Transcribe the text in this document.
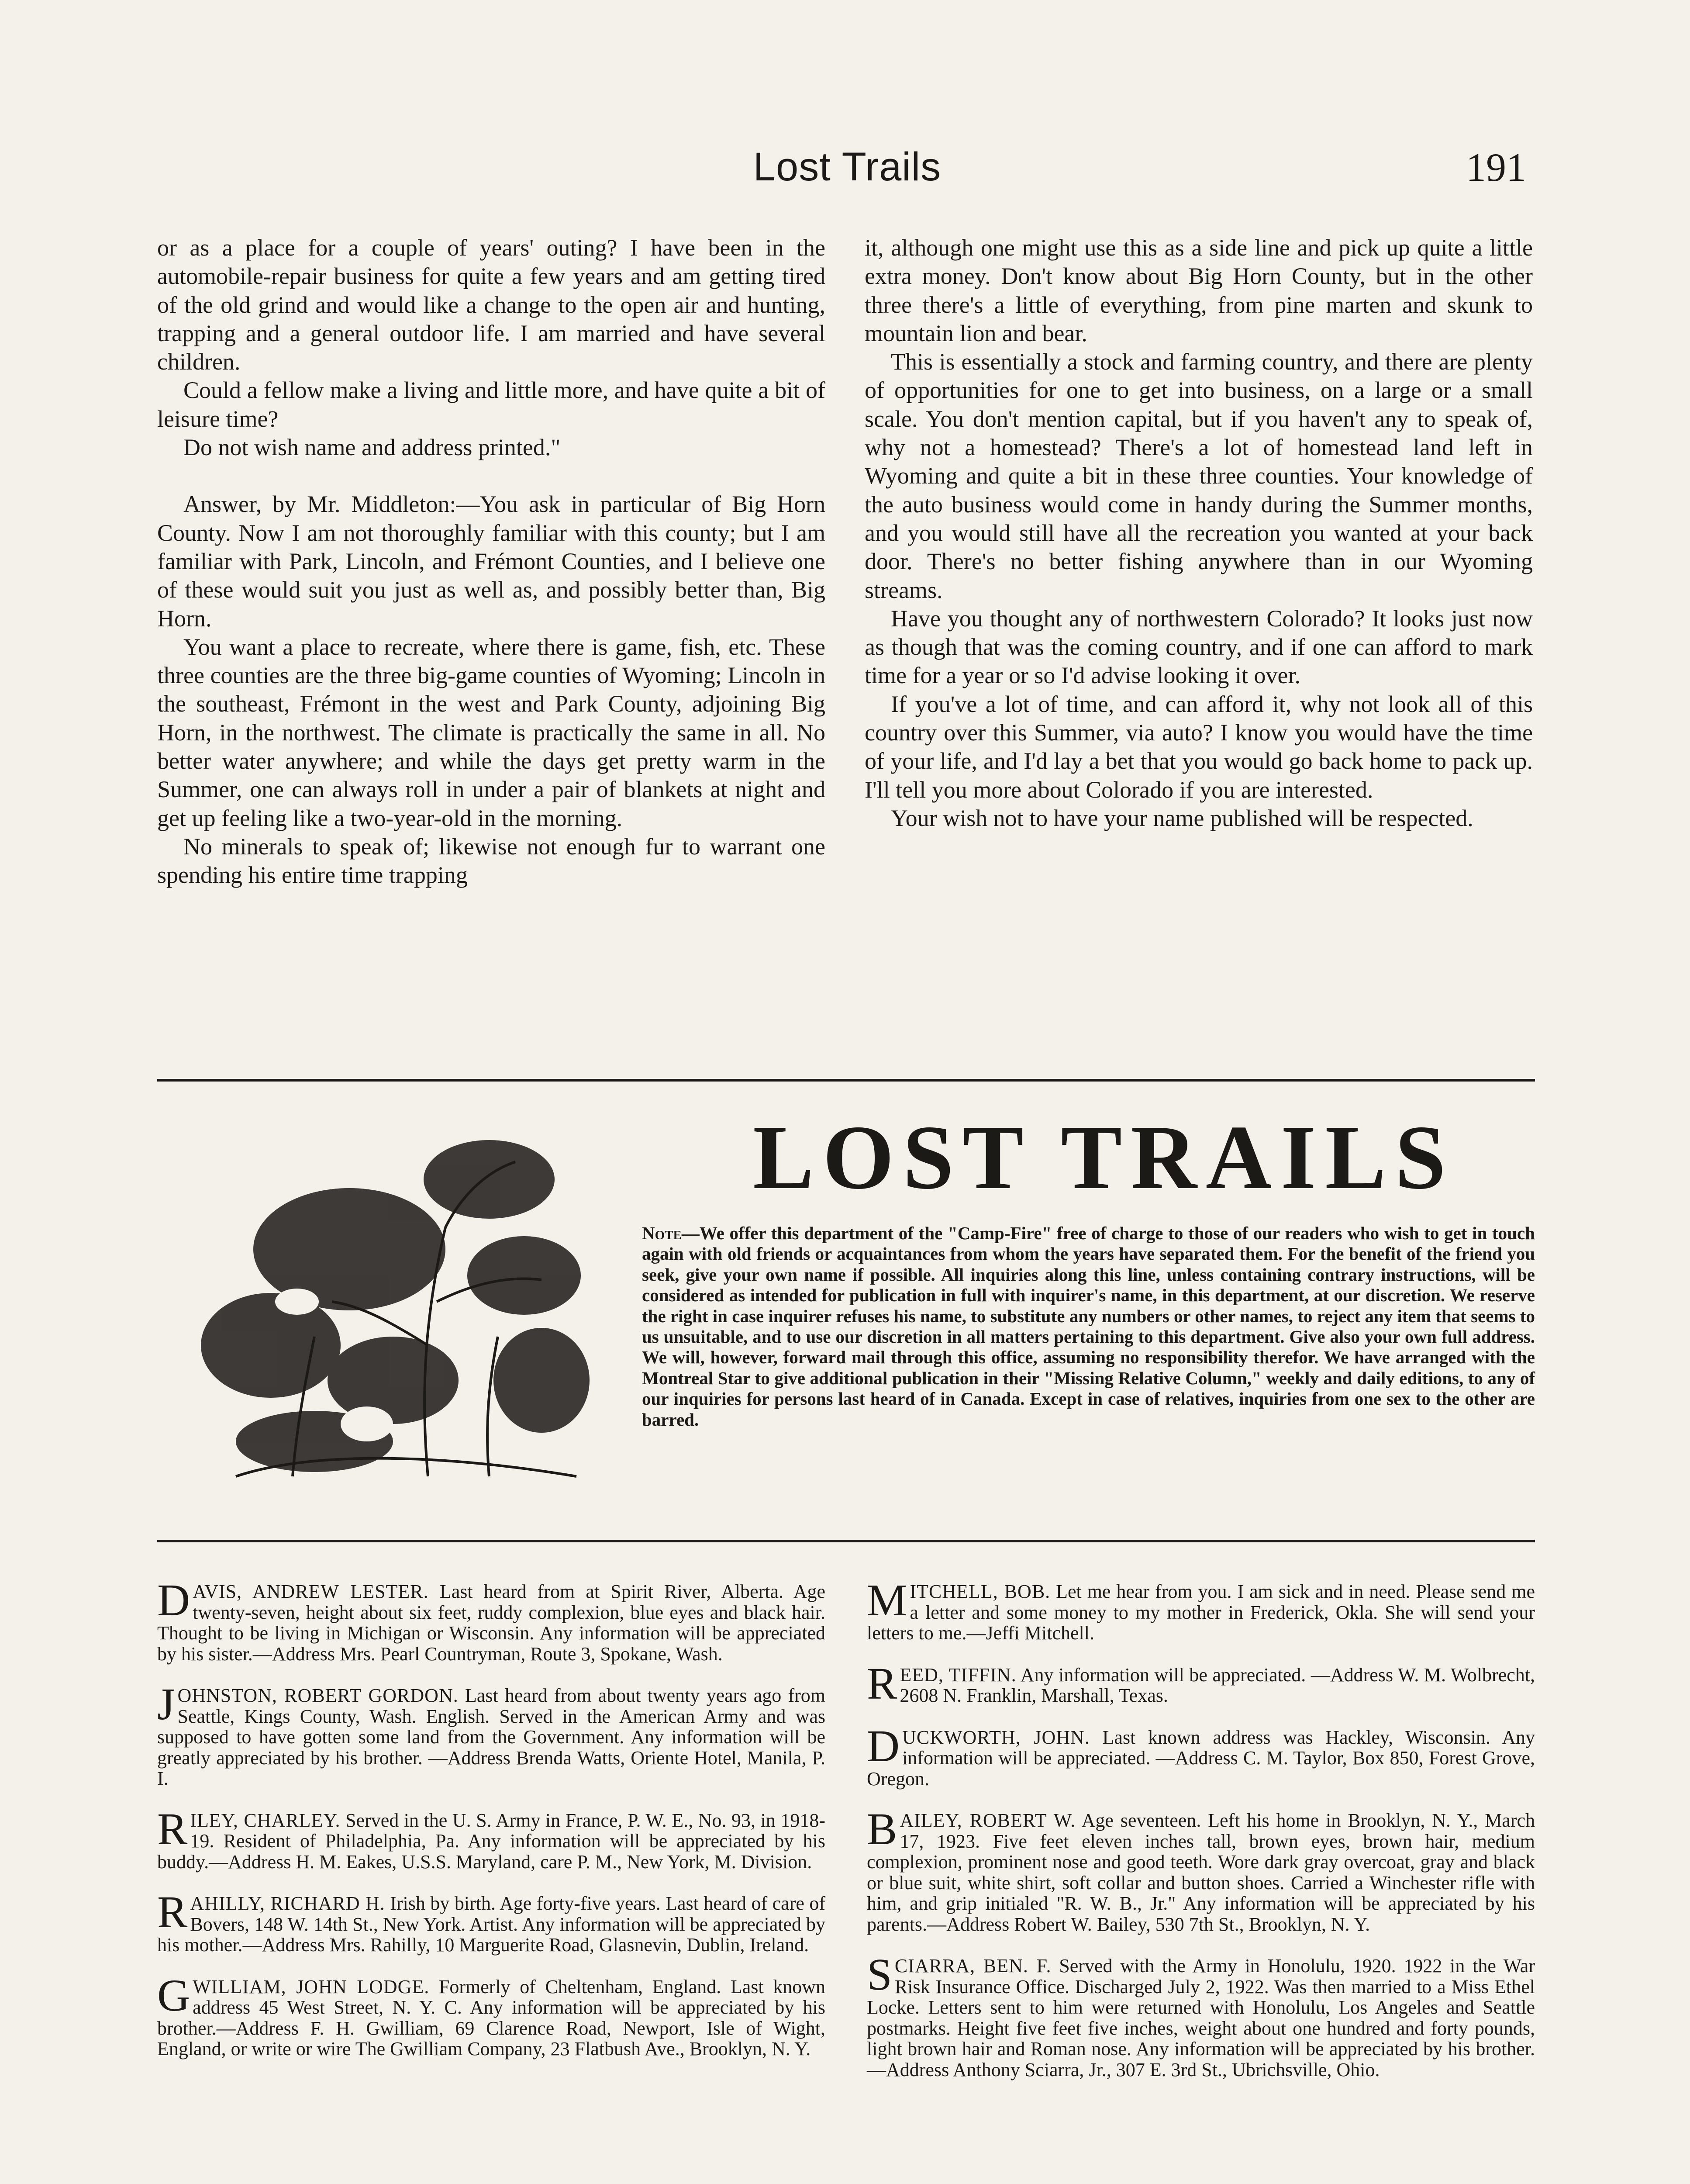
Lost Trails	191

or as a place for a couple of years' outing? I have been in the automobile-repair business for quite a few years and am getting tired of the old grind and would like a change to the open air and hunting, trapping and a general outdoor life. I am married and have several children.

Could a fellow make a living and little more, and have quite a bit of leisure time?

Do not wish name and address printed."

Answer, by Mr. Middleton:—You ask in particular of Big Horn County. Now I am not thoroughly familiar with this county; but I am familiar with Park, Lincoln, and Frémont Counties, and I believe one of these would suit you just as well as, and possibly better than, Big Horn.

You want a place to recreate, where there is game, fish, etc. These three counties are the three big-game counties of Wyoming; Lincoln in the southeast, Frémont in the west and Park County, adjoining Big Horn, in the northwest. The climate is practically the same in all. No better water anywhere; and while the days get pretty warm in the Summer, one can always roll in under a pair of blankets at night and get up feeling like a two-year-old in the morning.

No minerals to speak of; likewise not enough fur to warrant one spending his entire time trapping

it, although one might use this as a side line and pick up quite a little extra money. Don't know about Big Horn County, but in the other three there's a little of everything, from pine marten and skunk to mountain lion and bear.

This is essentially a stock and farming country, and there are plenty of opportunities for one to get into business, on a large or a small scale. You don't mention capital, but if you haven't any to speak of, why not a homestead? There's a lot of homestead land left in Wyoming and quite a bit in these three counties. Your knowledge of the auto business would come in handy during the Summer months, and you would still have all the recreation you wanted at your back door. There's no better fishing anywhere than in our Wyoming streams.

Have you thought any of northwestern Colorado? It looks just now as though that was the coming country, and if one can afford to mark time for a year or so I'd advise looking it over.

If you've a lot of time, and can afford it, why not look all of this country over this Summer, via auto? I know you would have the time of your life, and I'd lay a bet that you would go back home to pack up. I'll tell you more about Colorado if you are interested.

Your wish not to have your name published will be respected.

LOST TRAILS
Note—We offer this department of the "Camp-Fire" free of charge to those of our readers who wish to get in touch again with old friends or acquaintances from whom the years have separated them. For the benefit of the friend you seek, give your own name if possible. All inquiries along this line, unless containing contrary instructions, will be considered as intended for publication in full with inquirer's name, in this department, at our discretion. We reserve the right in case inquirer refuses his name, to substitute any numbers or other names, to reject any item that seems to us unsuitable, and to use our discretion in all matters pertaining to this department. Give also your own full address. We will, however, forward mail through this office, assuming no responsibility therefor. We have arranged with the Montreal Star to give additional publication in their "Missing Relative Column," weekly and daily editions, to any of our inquiries for persons last heard of in Canada. Except in case of relatives, inquiries from one sex to the other are barred.
DAVIS, ANDREW LESTER. Last heard from at Spirit River, Alberta. Age twenty-seven, height about six feet, ruddy complexion, blue eyes and black hair. Thought to be living in Michigan or Wisconsin. Any information will be appreciated by his sister.—Address Mrs. Pearl Countryman, Route 3, Spokane, Wash.
JOHNSTON, ROBERT GORDON. Last heard from about twenty years ago from Seattle, Kings County, Wash. English. Served in the American Army and was supposed to have gotten some land from the Government. Any information will be greatly appreciated by his brother. —Address Brenda Watts, Oriente Hotel, Manila, P. I.
RILEY, CHARLEY. Served in the U. S. Army in France, P. W. E., No. 93, in 1918-19. Resident of Philadelphia, Pa. Any information will be appreciated by his buddy.—Address H. M. Eakes, U.S.S. Maryland, care P. M., New York, M. Division.
RAHILLY, RICHARD H. Irish by birth. Age forty-five years. Last heard of care of Bovers, 148 W. 14th St., New York. Artist. Any information will be appreciated by his mother.—Address Mrs. Rahilly, 10 Marguerite Road, Glasnevin, Dublin, Ireland.
GWILLIAM, JOHN LODGE. Formerly of Cheltenham, England. Last known address 45 West Street, N. Y. C. Any information will be appreciated by his brother.—Address F. H. Gwilliam, 69 Clarence Road, Newport, Isle of Wight, England, or write or wire The Gwilliam Company, 23 Flatbush Ave., Brooklyn, N. Y.
MITCHELL, BOB. Let me hear from you. I am sick and in need. Please send me a letter and some money to my mother in Frederick, Okla. She will send your letters to me.—Jeffi Mitchell.
REED, TIFFIN. Any information will be appreciated. —Address W. M. Wolbrecht, 2608 N. Franklin, Marshall, Texas.
DUCKWORTH, JOHN. Last known address was Hackley, Wisconsin. Any information will be appreciated. —Address C. M. Taylor, Box 850, Forest Grove, Oregon.
BAILEY, ROBERT W. Age seventeen. Left his home in Brooklyn, N. Y., March 17, 1923. Five feet eleven inches tall, brown eyes, brown hair, medium complexion, prominent nose and good teeth. Wore dark gray overcoat, gray and black or blue suit, white shirt, soft collar and button shoes. Carried a Winchester rifle with him, and grip initialed "R. W. B., Jr." Any information will be appreciated by his parents.—Address Robert W. Bailey, 530 7th St., Brooklyn, N. Y.
SCIARRA, BEN. F. Served with the Army in Honolulu, 1920. 1922 in the War Risk Insurance Office. Discharged July 2, 1922. Was then married to a Miss Ethel Locke. Letters sent to him were returned with Honolulu, Los Angeles and Seattle postmarks. Height five feet five inches, weight about one hundred and forty pounds, light brown hair and Roman nose. Any information will be appreciated by his brother.—Address Anthony Sciarra, Jr., 307 E. 3rd St., Ubrichsville, Ohio.
